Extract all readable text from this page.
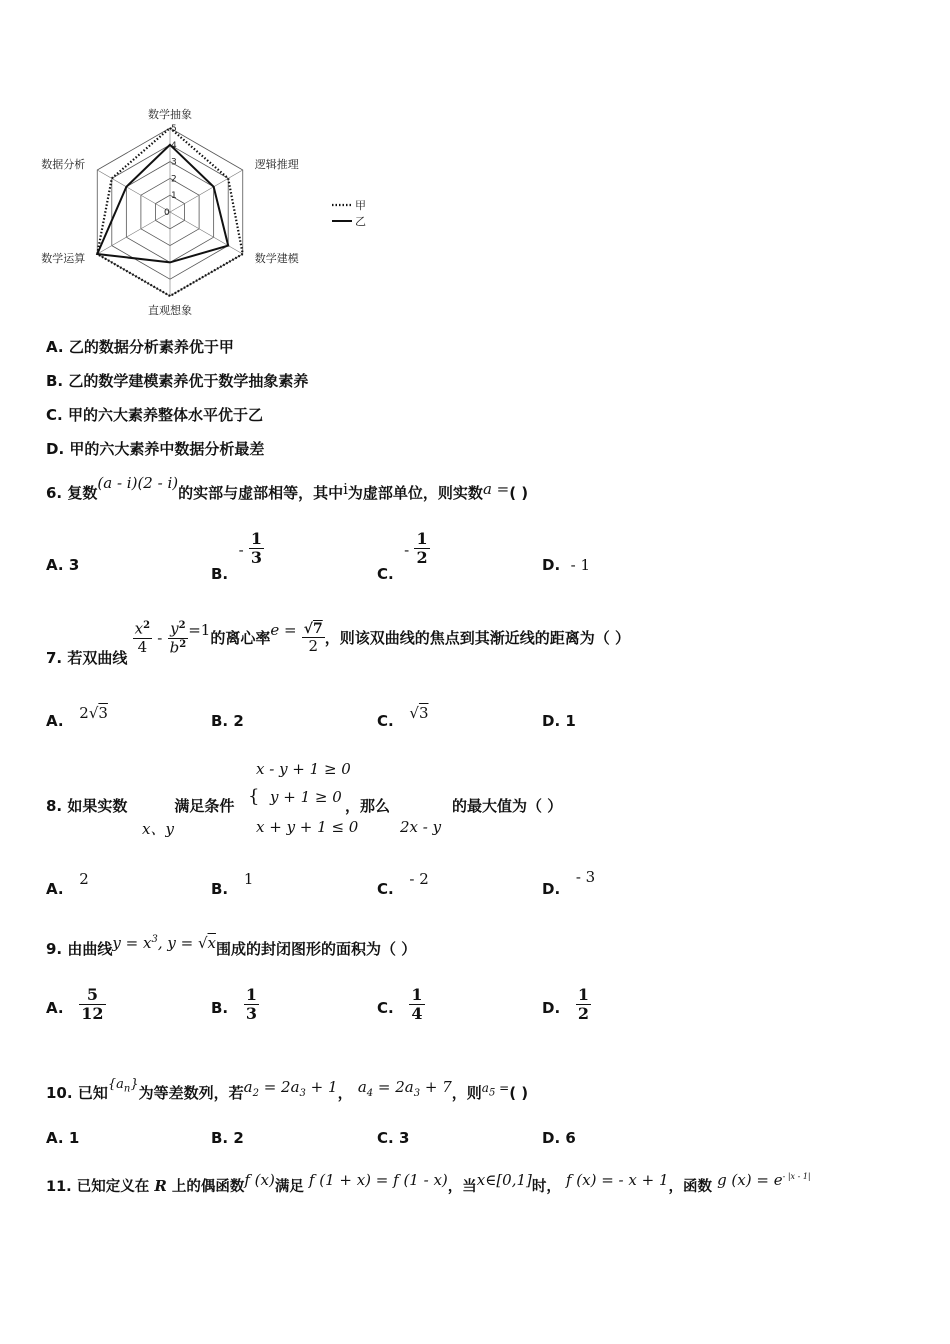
1
2
3
4
5
0
数学抽象
逻辑推理
数学建模
直观想象
数学运算
数据分析
甲
乙
A. 乙的数据分析素养优于甲
B. 乙的数学建模素养优于数学抽象素养
C. 甲的六大素养整体水平优于乙
D. 甲的六大素养中数据分析最差
6. 复数(a - i)(2 - i)的实部与虚部相等，其中i为虚部单位，则实数a =( )
A. 3
B.  - $\frac{1}{3}$
C.  - $\frac{1}{2}$	D. - 1
7. 若双曲线
$\frac{x^2}{4} - \frac{y^2}{b^2} =1$的离心率$e = \frac{√7}{2}$ ，则该双曲线的焦点到其渐近线的距离为（ ）
A. 2√3	B. 2	C. √3	D. 1
x - y + 1 ≥ 0
8. 如果实数	满足条件 { y + 1 ≥ 0 ，那么	的最大值为（ ）
x、y	x + y + 1 ≤ 0	2x - y
A.   2
B.   1
C.   - 2
D.   - 3
9. 由曲线$y = x^3$, y = √x围成的封闭图形的面积为（ ）
A. $\frac{5}{12}$	B. $\frac{1}{3}$	C. $\frac{1}{4}$	D. $\frac{1}{2}$
10. 已知$\{a_n\}$为等差数列，若$a_2 = 2a_3 + 1$， $a_4 = 2a_3 + 7$，则$^{a_5 =}$( )
A. 1	B. 2	C. 3	D. 6
11. 已知定义在 R 上的偶函数f (x)满足 f (1 + x) = f (1 - x)，当x∈[0,1]时， f (x) = - x + 1，函数 g $(x) = e^{- |x - 1|}$
